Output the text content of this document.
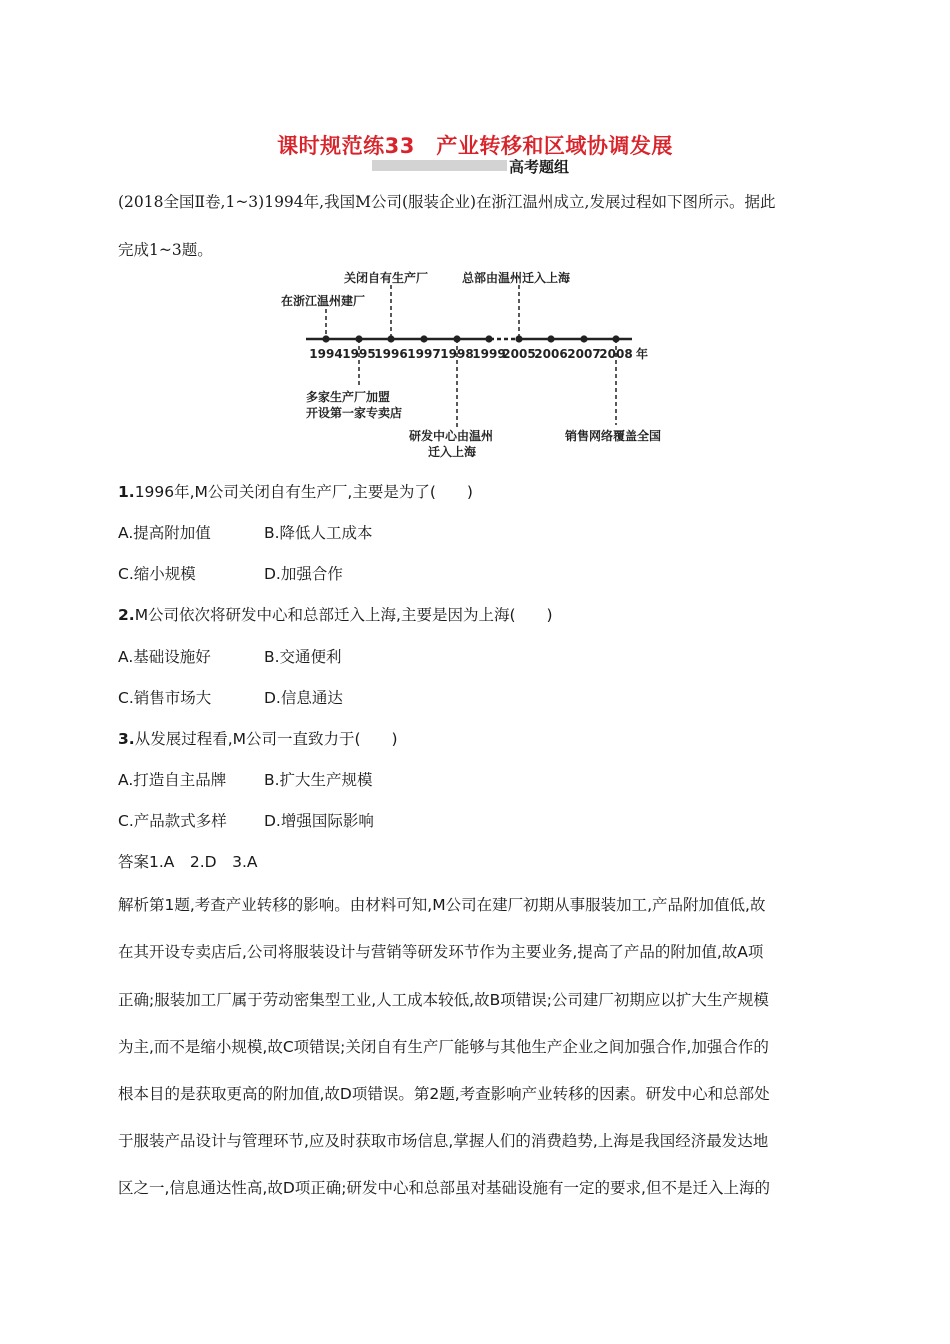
课时规范练33　产业转移和区域协调发展
高考题组
(2018全国Ⅱ卷,1~3)1994年,我国M公司(服装企业)在浙江温州成立,发展过程如下图所示。据此
完成1~3题。
1994 1995
1996 1997 1998
1999
2005
2006 2007
2008 年
在浙江温州建厂
关闭自有生产厂	总部由温州迁入上海
多家生产厂加盟
开设第一家专卖店
研发中心由温州
迁入上海
销售网络覆盖全国
1.1996年,M公司关闭自有生产厂,主要是为了(　　)
A.提高附加值	B.降低人工成本
C.缩小规模	D.加强合作
2.M公司依次将研发中心和总部迁入上海,主要是因为上海(　　)
A.基础设施好	B.交通便利
C.销售市场大	D.信息通达
3.从发展过程看,M公司一直致力于(　　)
A.打造自主品牌 B.扩大生产规模
C.产品款式多样 D.增强国际影响
答案1.A　2.D　3.A
解析第1题,考查产业转移的影响。由材料可知,M公司在建厂初期从事服装加工,产品附加值低,故
在其开设专卖店后,公司将服装设计与营销等研发环节作为主要业务,提高了产品的附加值,故A项
正确;服装加工厂属于劳动密集型工业,人工成本较低,故B项错误;公司建厂初期应以扩大生产规模
为主,而不是缩小规模,故C项错误;关闭自有生产厂能够与其他生产企业之间加强合作,加强合作的
根本目的是获取更高的附加值,故D项错误。第2题,考查影响产业转移的因素。研发中心和总部处
于服装产品设计与管理环节,应及时获取市场信息,掌握人们的消费趋势,上海是我国经济最发达地
区之一,信息通达性高,故D项正确;研发中心和总部虽对基础设施有一定的要求,但不是迁入上海的
